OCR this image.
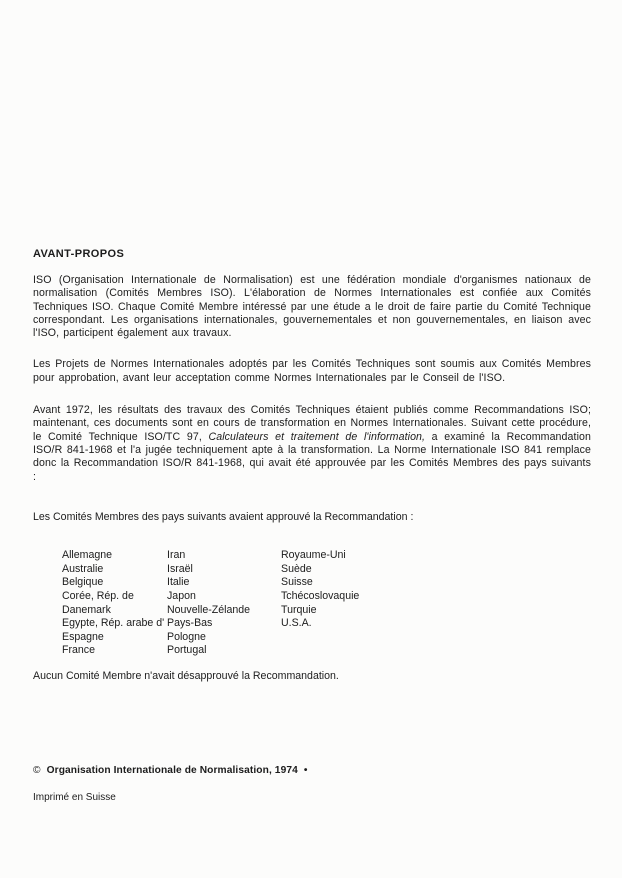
AVANT-PROPOS

ISO (Organisation Internationale de Normalisation) est une fédération mondiale d'organismes nationaux de normalisation (Comités Membres ISO). L'élaboration de Normes Internationales est confiée aux Comités Techniques ISO. Chaque Comité Membre intéressé par une étude a le droit de faire partie du Comité Technique correspondant. Les organisations internationales, gouvernementales et non gouvernementales, en liaison avec l'ISO, participent également aux travaux.

Les Projets de Normes Internationales adoptés par les Comités Techniques sont soumis aux Comités Membres pour approbation, avant leur acceptation comme Normes Internationales par le Conseil de l'ISO.

Avant 1972, les résultats des travaux des Comités Techniques étaient publiés comme Recommandations ISO; maintenant, ces documents sont en cours de transformation en Normes Internationales. Suivant cette procédure, le Comité Technique ISO/TC 97, Calculateurs et traitement de l'information, a examiné la Recommandation ISO/R 841-1968 et l'a jugée techniquement apte à la transformation. La Norme Internationale ISO 841 remplace donc la Recommandation ISO/R 841-1968, qui avait été approuvée par les Comités Membres des pays suivants :

Les Comités Membres des pays suivants avaient approuvé la Recommandation :
Allemagne
Australie
Belgique
Corée, Rép. de
Danemark
Egypte, Rép. arabe d'
Espagne
France
Iran
Israël
Italie
Japon
Nouvelle-Zélande
Pays-Bas
Pologne
Portugal
Royaume-Uni
Suède
Suisse
Tchécoslovaquie
Turquie
U.S.A.
Aucun Comité Membre n'avait désapprouvé la Recommandation.
© Organisation Internationale de Normalisation, 1974 •
Imprimé en Suisse
